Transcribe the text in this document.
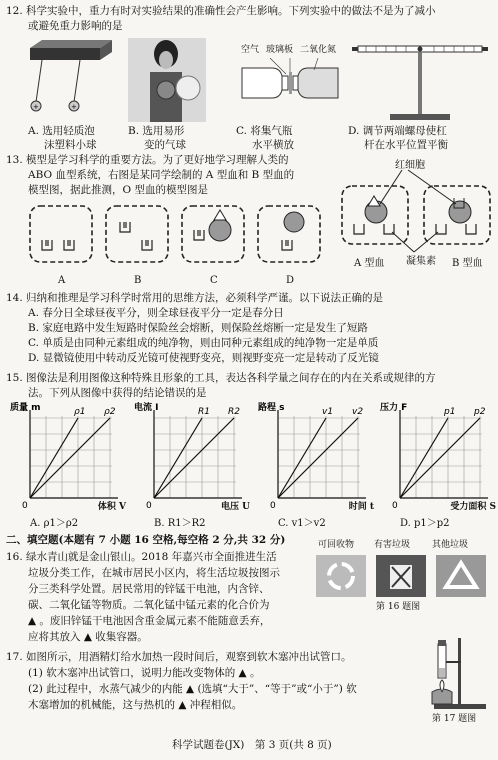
12. 科学实验中，重力有时对实验结果的准确性会产生影响。下列实验中的做法不是为了减小
或避免重力影响的是
+	+
空气 玻璃板 二氧化氮
A. 选用轻质泡
沫塑料小球
B. 选用易形
变的气球
C. 将集气瓶
水平横放
D. 调节两端螺母使杠
杆在水平位置平衡
13. 模型是学习科学的重要方法。为了更好地学习理解人类的
ABO 血型系统，右图是某同学绘制的 A 型血和 B 型血的
模型图，据此推测，O 型血的模型图是
A	B	C	D
红细胞
A 型血 凝集素 B 型血
14. 归纳和推理是学习科学时常用的思维方法，必须科学严谨。以下说法正确的是
A. 春分日全球昼夜平分，则全球昼夜平分一定是春分日
B. 家庭电路中发生短路时保险丝会熔断，则保险丝熔断一定是发生了短路
C. 单质是由同种元素组成的纯净物，则由同种元素组成的纯净物一定是单质
D. 显微镜使用中转动反光镜可使视野变亮，则视野变亮一定是转动了反光镜
15. 图像法是利用图像这种特殊且形象的工具，表达各科学量之间存在的内在关系或规律的方
法。下列从图像中获得的结论错误的是
ρ1 ρ2
质量 m
0	体积 V
A. ρ1＞ρ2
R1 R2
电流 I
0	电压 U
B. R1＞R2
v1 v2
路程 s
0	时间 t
C. v1＞v2
p1 p2
压力 F
0	受力面积 S
D. p1＞p2
二、填空题(本题有 7 小题 16 空格,每空格 2 分,共 32 分)
16. 绿水青山就是金山银山。2018 年嘉兴市全面推进生活
垃圾分类工作，在城市居民小区内，将生活垃圾按图示
分三类科学处置。居民常用的锌锰干电池，内含锌、
碳、二氧化锰等物质。二氧化锰中锰元素的化合价为
▲ 。废旧锌锰干电池因含重金属元素不能随意丢弃，
应将其放入 ▲ 收集容器。
可回收物 有害垃圾 其他垃圾
第 16 题图
17. 如图所示，用酒精灯给水加热一段时间后，观察到软木塞冲出试管口。
(1) 软木塞冲出试管口，说明力能改变物体的 ▲ 。
(2) 此过程中，水蒸气减少的内能 ▲ (选填“大于”、“等于”或“小于”) 软
木塞增加的机械能，这与热机的 ▲ 冲程相似。
第 17 题图
科学试题卷(JX)　第 3 页(共 8 页)
